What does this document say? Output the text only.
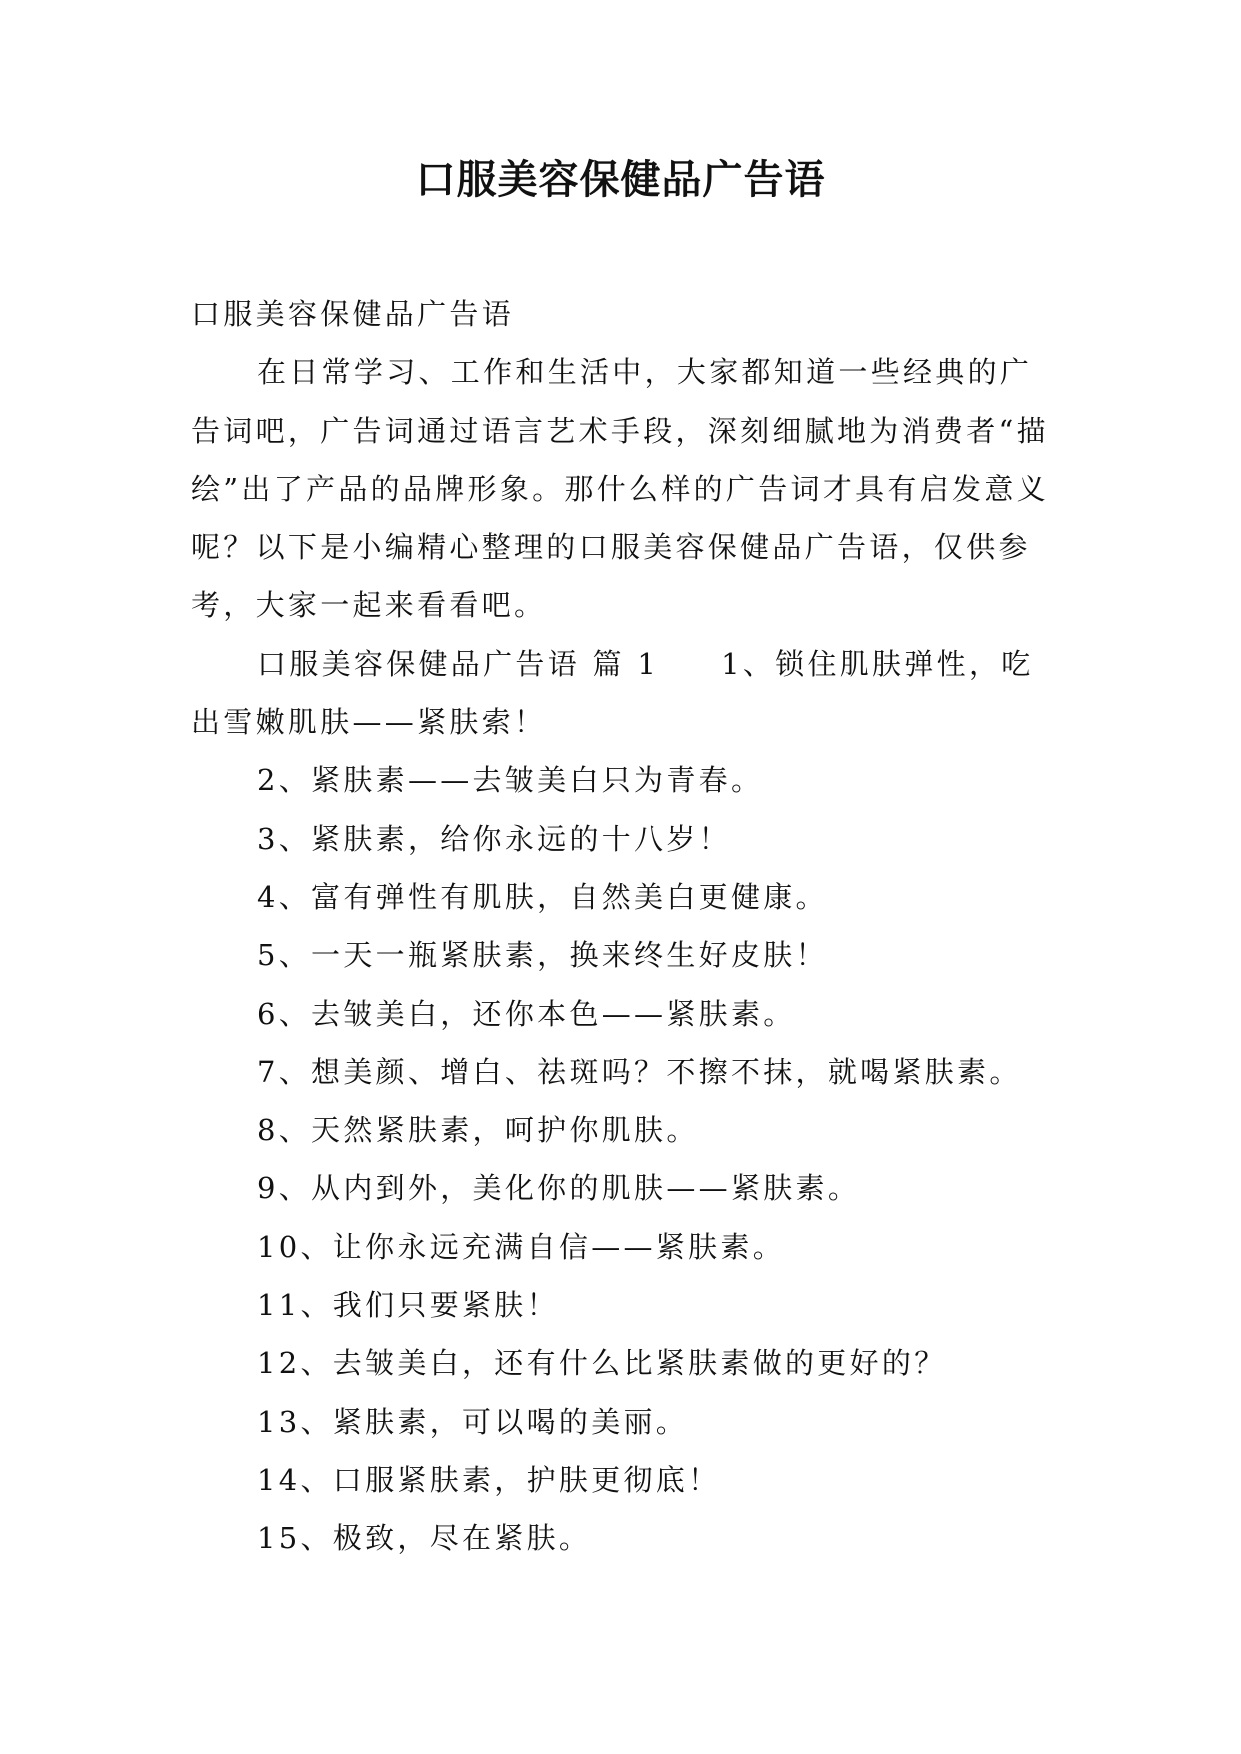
口服美容保健品广告语

口服美容保健品广告语

在日常学习、工作和生活中，大家都知道一些经典的广告词吧，广告词通过语言艺术手段，深刻细腻地为消费者“描绘”出了产品的品牌形象。那什么样的广告词才具有启发意义呢？以下是小编精心整理的口服美容保健品广告语，仅供参考，大家一起来看看吧。

口服美容保健品广告语 篇 1 1、锁住肌肤弹性，吃出雪嫩肌肤——紧肤索！

2、紧肤素——去皱美白只为青春。

3、紧肤素，给你永远的十八岁！

4、富有弹性有肌肤，自然美白更健康。

5、一天一瓶紧肤素，换来终生好皮肤！

6、去皱美白，还你本色——紧肤素。

7、想美颜、增白、祛斑吗？不擦不抹，就喝紧肤素。

8、天然紧肤素，呵护你肌肤。

9、从内到外，美化你的肌肤——紧肤素。

10、让你永远充满自信——紧肤素。

11、我们只要紧肤！

12、去皱美白，还有什么比紧肤素做的更好的？

13、紧肤素，可以喝的美丽。

14、口服紧肤素，护肤更彻底！

15、极致，尽在紧肤。
